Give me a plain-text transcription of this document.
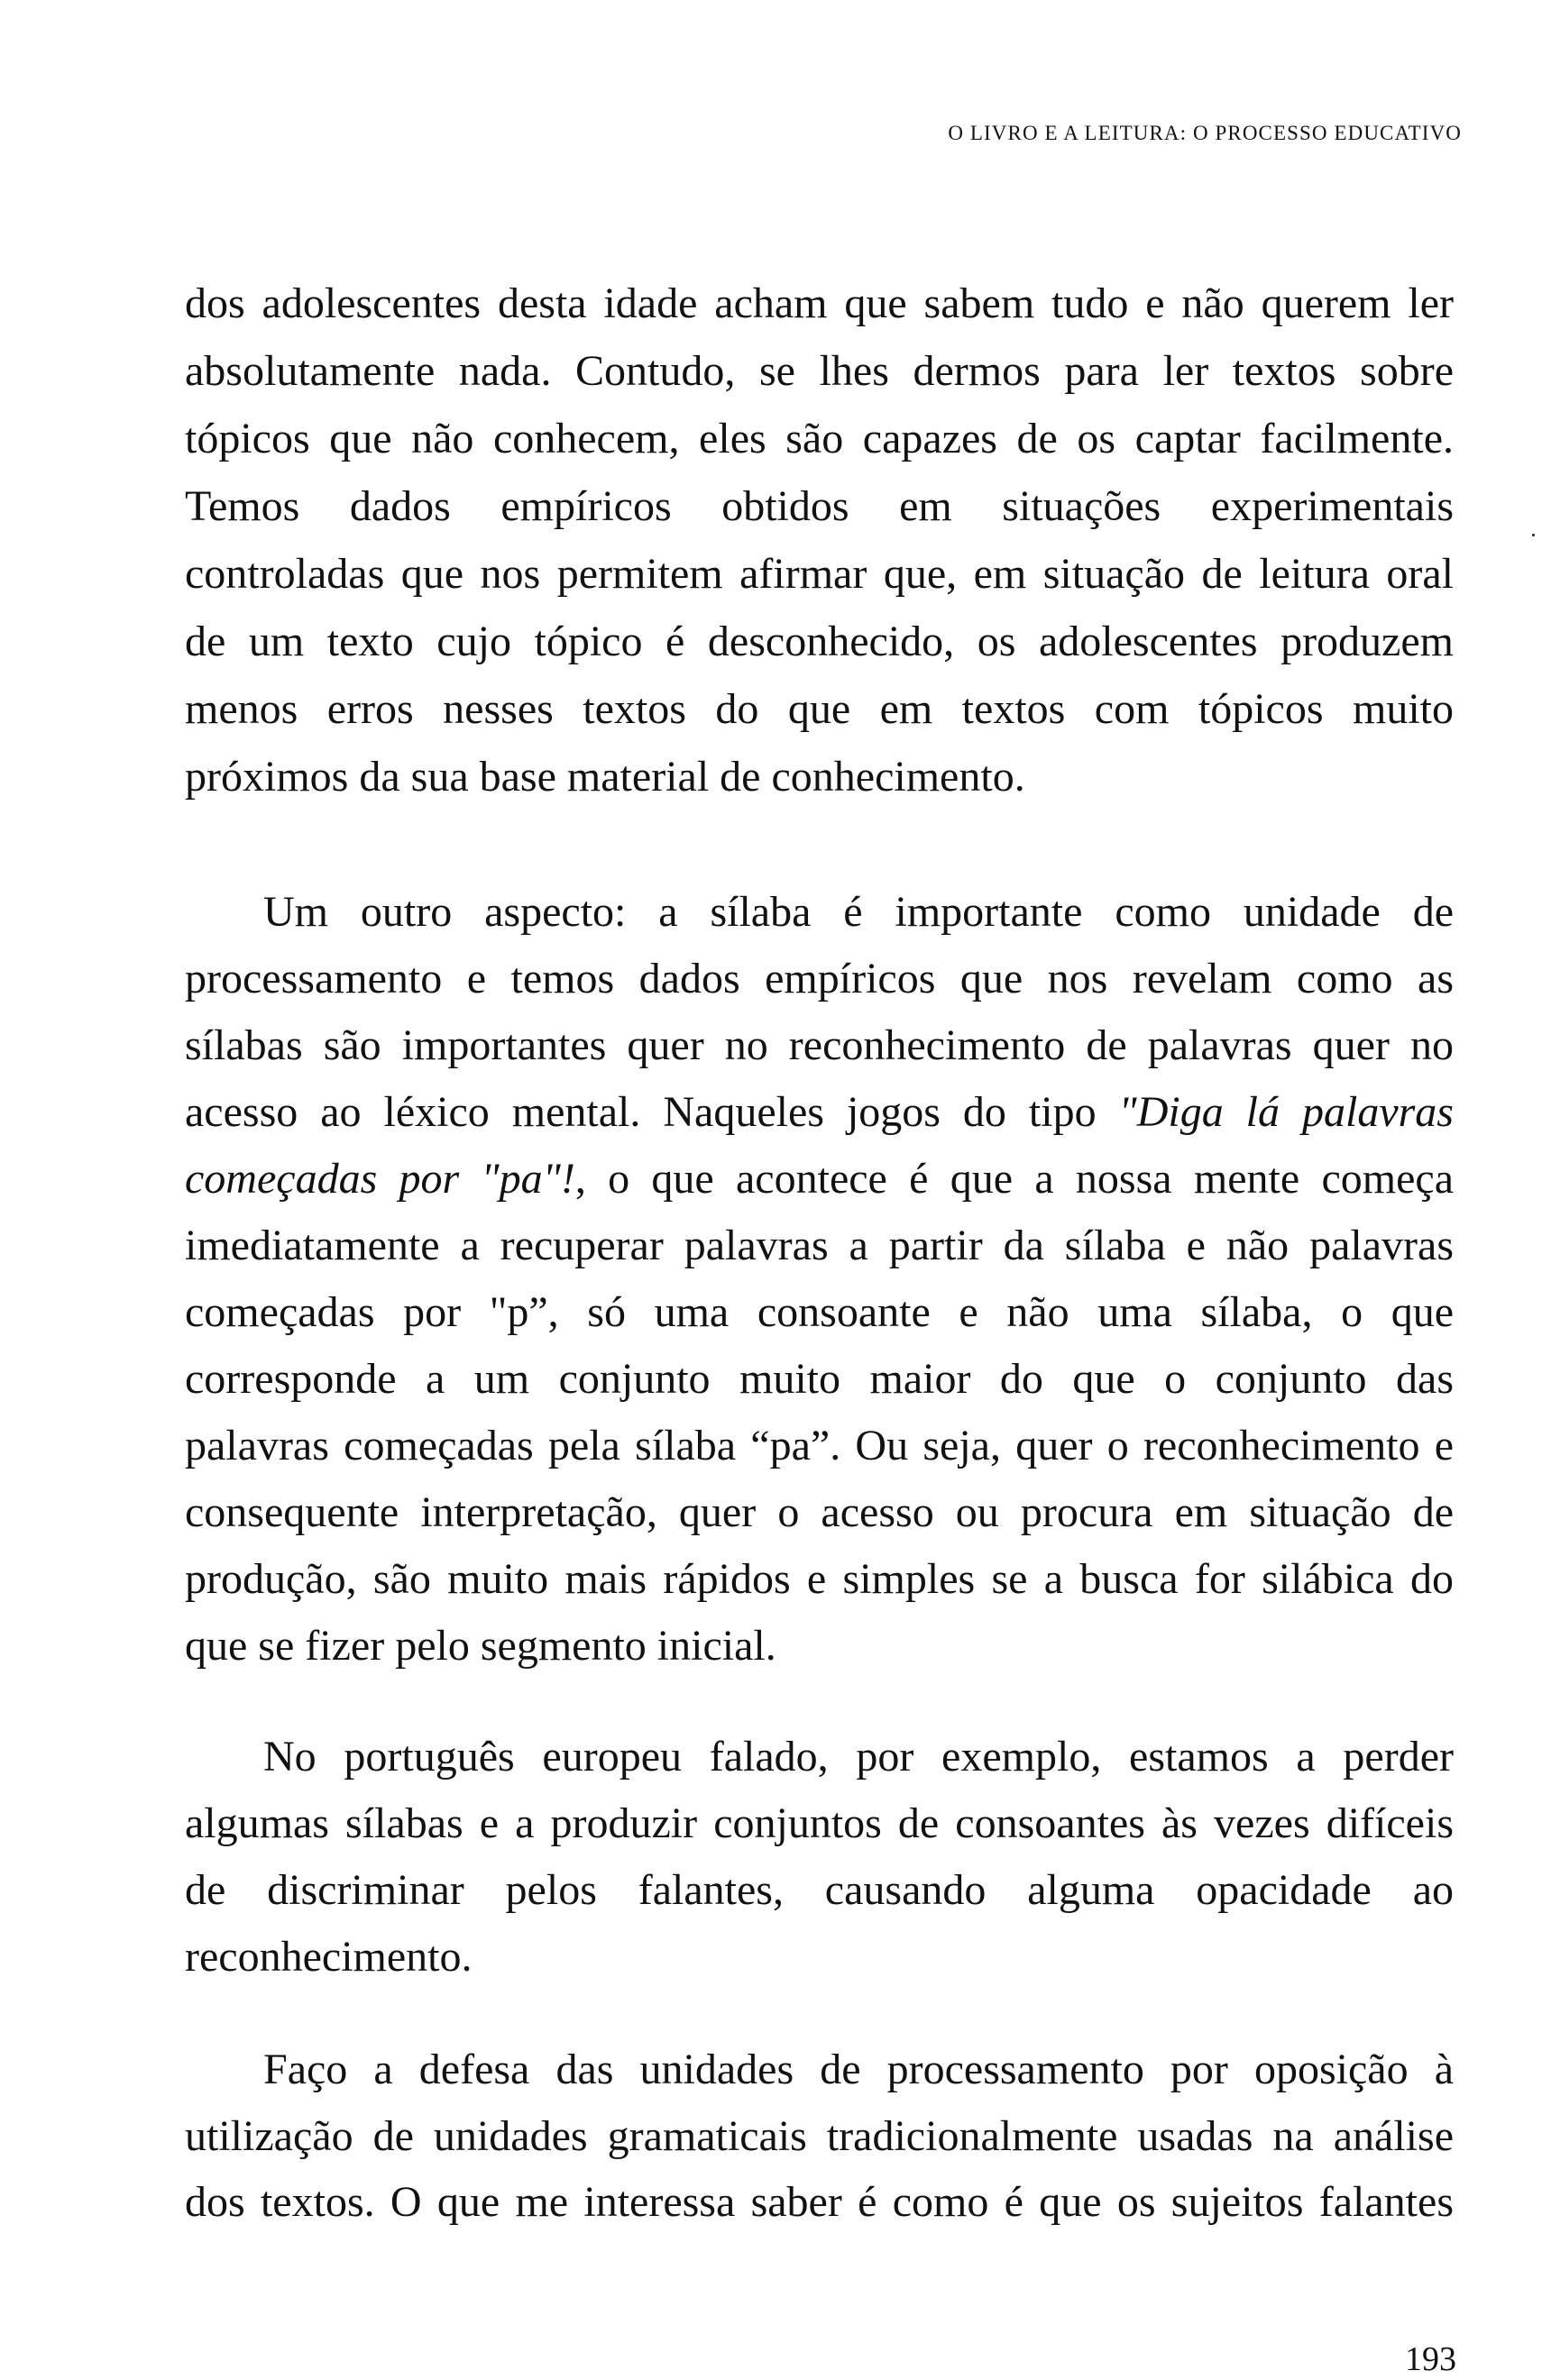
O LIVRO E A LEITURA: O PROCESSO EDUCATIVO
dos adolescentes desta idade acham que sabem tudo e não querem ler
absolutamente nada. Contudo, se lhes dermos para ler textos sobre
tópicos que não conhecem, eles são capazes de os captar facilmente.
Temos dados empíricos obtidos em situações experimentais
controladas que nos permitem afirmar que, em situação de leitura oral
de um texto cujo tópico é desconhecido, os adolescentes produzem
menos erros nesses textos do que em textos com tópicos muito
próximos da sua base material de conhecimento.
Um outro aspecto: a sílaba é importante como unidade de
processamento e temos dados empíricos que nos revelam como as
sílabas são importantes quer no reconhecimento de palavras quer no
acesso ao léxico mental. Naqueles jogos do tipo "Diga lá palavras
começadas por "pa"!, o que acontece é que a nossa mente começa
imediatamente a recuperar palavras a partir da sílaba e não palavras
começadas por "p”, só uma consoante e não uma sílaba, o que
corresponde a um conjunto muito maior do que o conjunto das
palavras começadas pela sílaba “pa”. Ou seja, quer o reconhecimento e
consequente interpretação, quer o acesso ou procura em situação de
produção, são muito mais rápidos e simples se a busca for silábica do
que se fizer pelo segmento inicial.
No português europeu falado, por exemplo, estamos a perder
algumas sílabas e a produzir conjuntos de consoantes às vezes difíceis
de discriminar pelos falantes, causando alguma opacidade ao
reconhecimento.
Faço a defesa das unidades de processamento por oposição à
utilização de unidades gramaticais tradicionalmente usadas na análise
dos textos. O que me interessa saber é como é que os sujeitos falantes
193
